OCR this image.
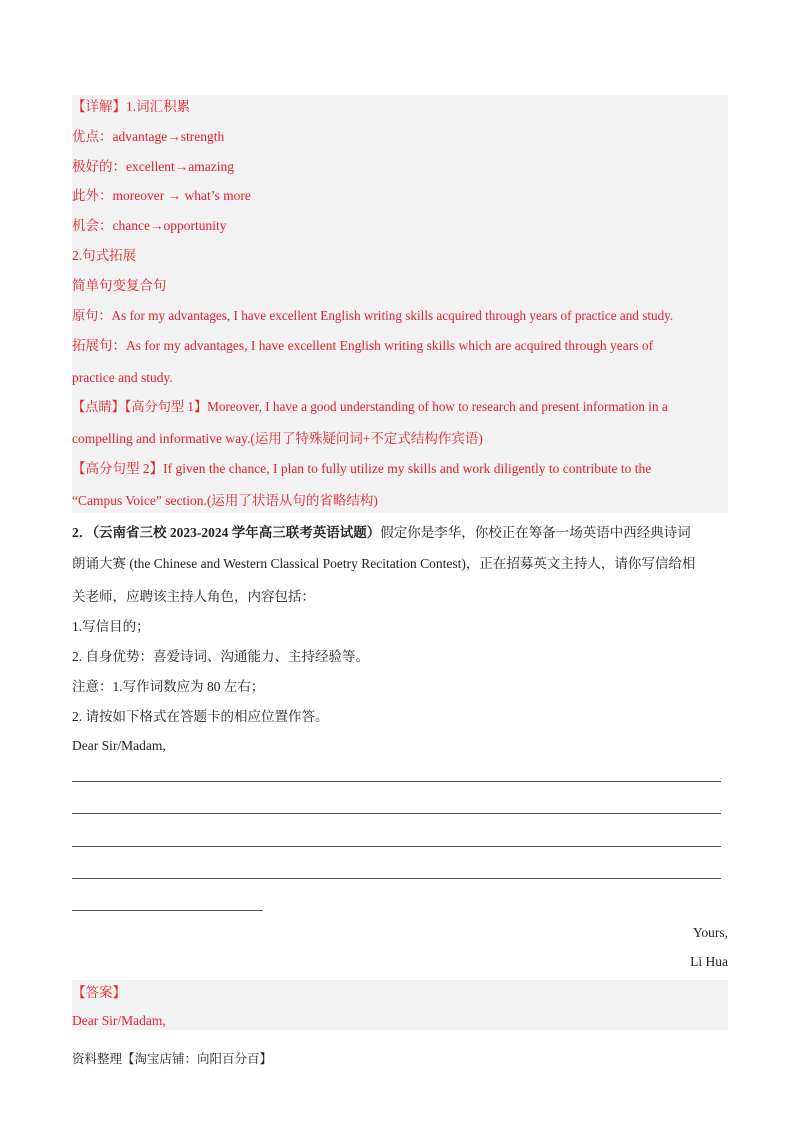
【详解】1.词汇积累
优点：advantage→strength
极好的：excellent→amazing
此外：moreover → what’s more
机会：chance→opportunity
2.句式拓展
简单句变复合句
原句：As for my advantages, I have excellent English writing skills acquired through years of practice and study.
拓展句：As for my advantages, I have excellent English writing skills which are acquired through years of
practice and study.
【点睛】【高分句型 1】Moreover, I have a good understanding of how to research and present information in a
compelling and informative way.(运用了特殊疑问词+不定式结构作宾语)
【高分句型 2】If given the chance, I plan to fully utilize my skills and work diligently to contribute to the
“Campus Voice” section.(运用了状语从句的省略结构)
2．（云南省三校 2023-2024 学年高三联考英语试题）假定你是李华，你校正在筹备一场英语中西经典诗词
朗诵大赛 (the Chinese and Western Classical Poetry Recitation Contest)，正在招募英文主持人，请你写信给相
关老师，应聘该主持人角色，内容包括：
1.写信目的；
2. 自身优势：喜爱诗词、沟通能力、主持经验等。
注意：1.写作词数应为 80 左右；
2. 请按如下格式在答题卡的相应位置作答。
Dear Sir/Madam,
Yours,
Li Hua
【答案】
Dear Sir/Madam,
资料整理【淘宝店铺：向阳百分百】
